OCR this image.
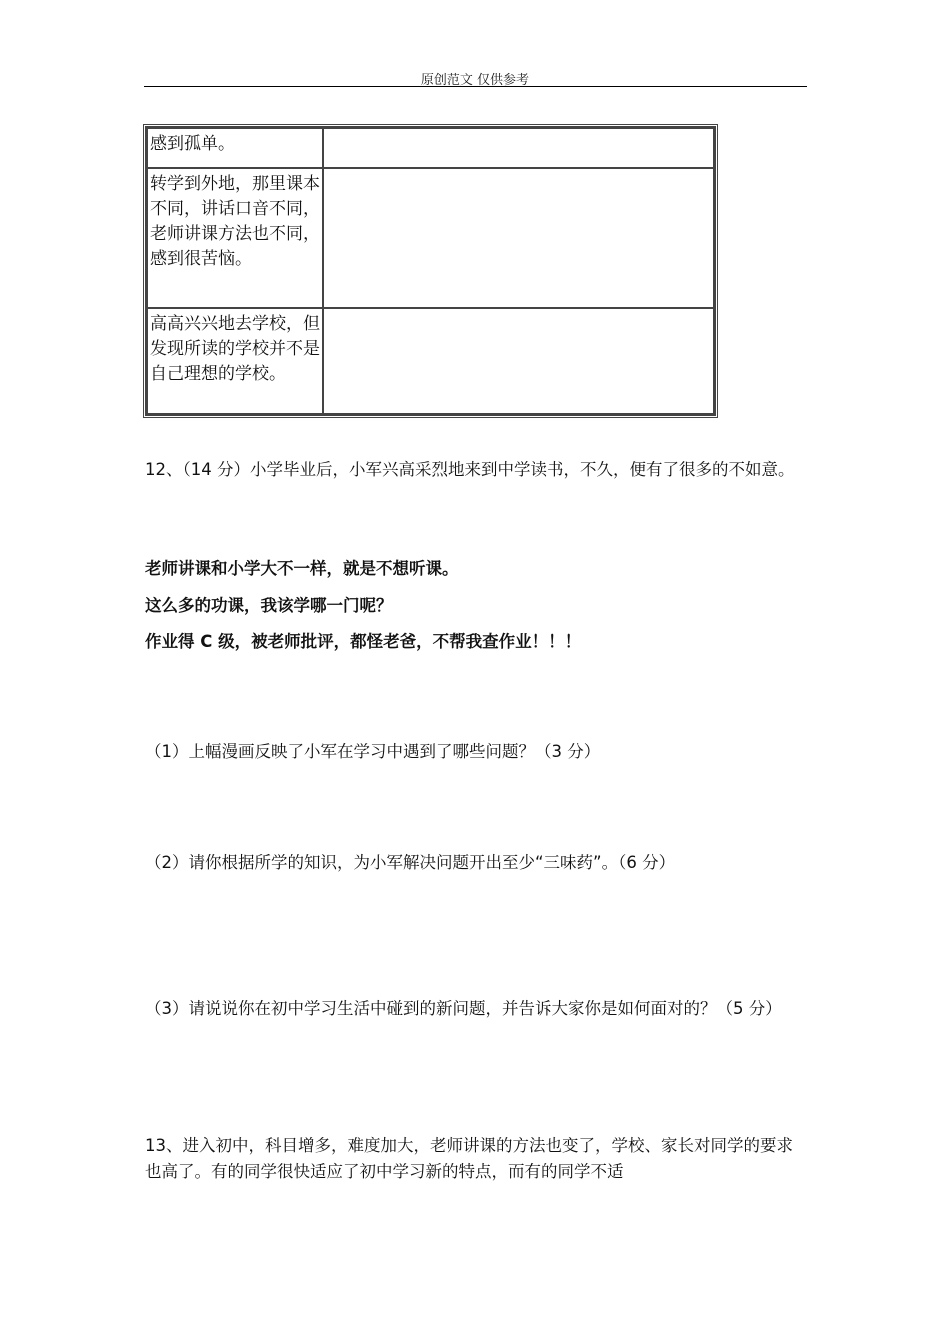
原创范文 仅供参考
感到孤单。	
转学到外地，那里课本不同，讲话口音不同，老师讲课方法也不同，感到很苦恼。	
高高兴兴地去学校，但发现所读的学校并不是自己理想的学校。	

12、（14 分）小学毕业后，小军兴高采烈地来到中学读书，不久，便有了很多的不如意。

老师讲课和小学大不一样，就是不想听课。

这么多的功课，我该学哪一门呢？

作业得 C 级，被老师批评，都怪老爸，不帮我查作业！！！

（1）上幅漫画反映了小军在学习中遇到了哪些问题？（3 分）

（2）请你根据所学的知识，为小军解决问题开出至少“三味药”。（6 分）

（3）请说说你在初中学习生活中碰到的新问题，并告诉大家你是如何面对的？（5 分）

13、进入初中，科目增多，难度加大，老师讲课的方法也变了，学校、家长对同学的要求也高了。有的同学很快适应了初中学习新的特点，而有的同学不适
